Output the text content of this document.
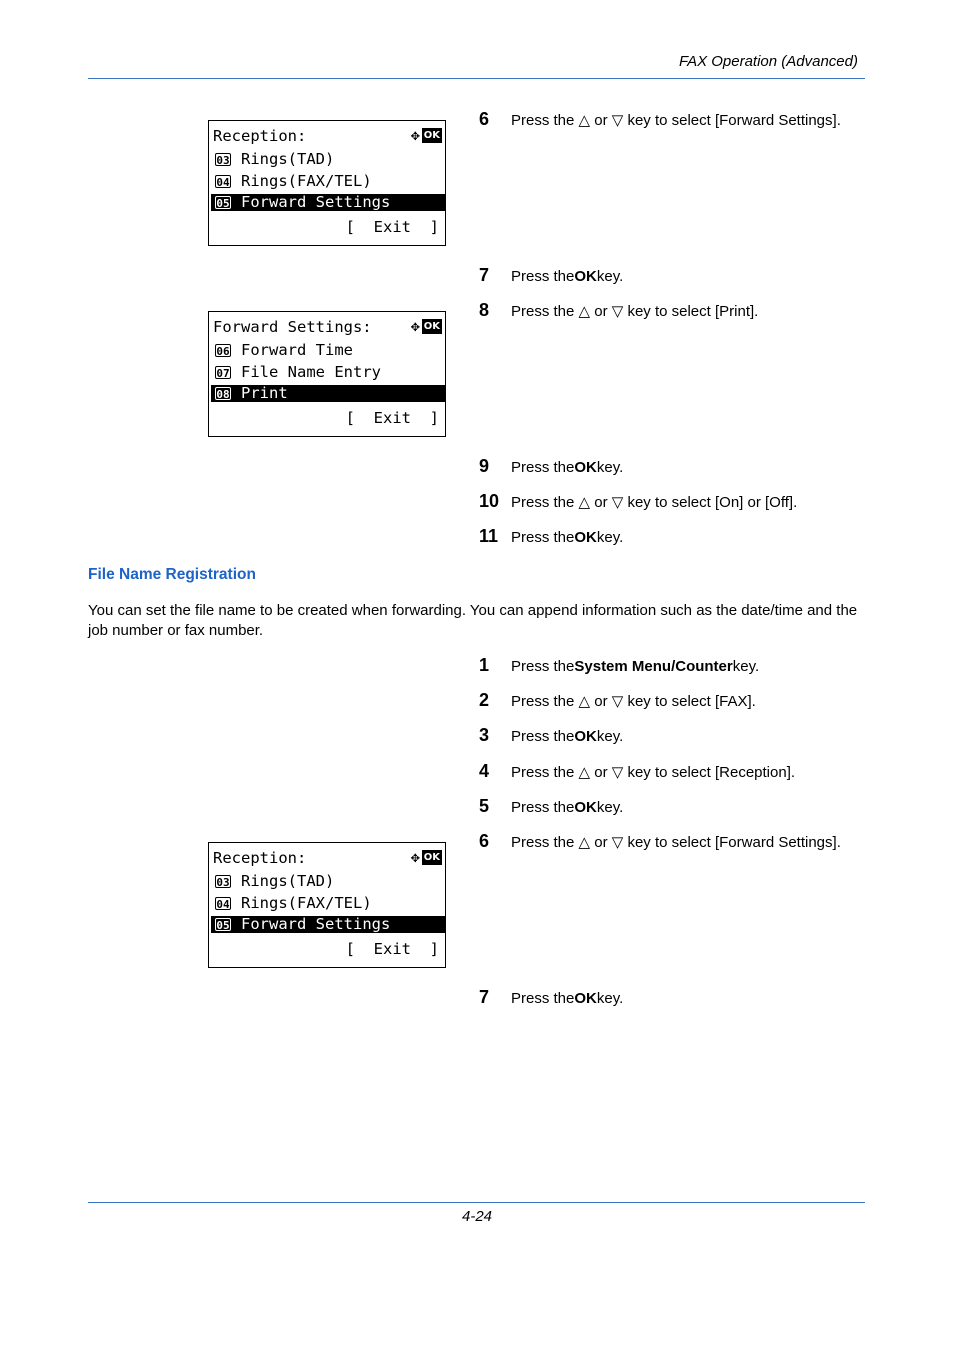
FAX Operation (Advanced)
Reception:	✥ OK
03 Rings(TAD)
04 Rings(FAX/TEL)
05 Forward Settings
[  Exit  ]
Forward Settings:	✥ OK
06 Forward Time
07 File Name Entry
08 Print
[  Exit  ]
Reception:	✥ OK
03 Rings(TAD)
04 Rings(FAX/TEL)
05 Forward Settings
[  Exit  ]
6	Press the △ or ▽ key to select [Forward Settings].
7	Press the OK key.
8	Press the △ or ▽ key to select [Print].
9	Press the OK key.
10 Press the △ or ▽ key to select [On] or [Off].
11 Press the OK key.
File Name Registration
You can set the file name to be created when forwarding. You can append information such as the date/time and the job number or fax number.
1	Press the System Menu/Counter key.
2	Press the △ or ▽ key to select [FAX].
3	Press the OK key.
4	Press the △ or ▽ key to select [Reception].
5	Press the OK key.
6	Press the △ or ▽ key to select [Forward Settings].
7	Press the OK key.
4-24
